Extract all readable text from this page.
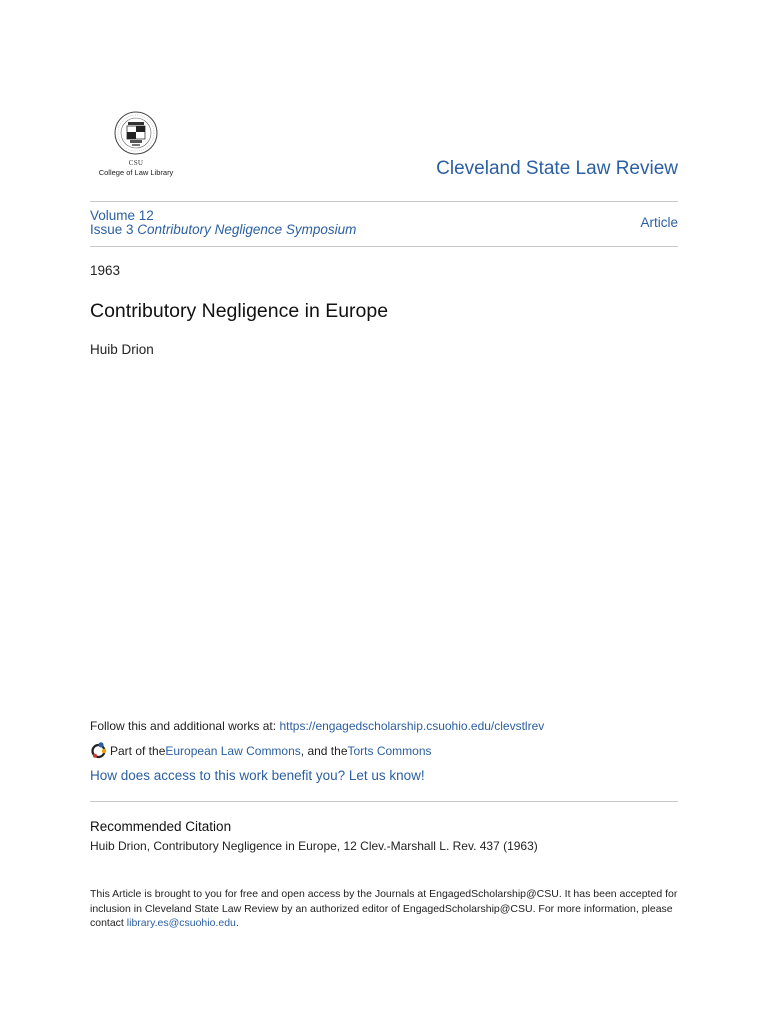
CSU
College of Law Library	Cleveland State Law Review
Volume 12
Issue 3 Contributory Negligence Symposium	Article
1963
Contributory Negligence in Europe
Huib Drion
Follow this and additional works at: https://engagedscholarship.csuohio.edu/clevstlrev
Part of the European Law Commons , and the Torts Commons
How does access to this work benefit you? Let us know!
Recommended Citation
Huib Drion, Contributory Negligence in Europe, 12 Clev.-Marshall L. Rev. 437 (1963)
This Article is brought to you for free and open access by the Journals at EngagedScholarship@CSU. It has been accepted for inclusion in Cleveland State Law Review by an authorized editor of EngagedScholarship@CSU. For more information, please contact library.es@csuohio.edu.
